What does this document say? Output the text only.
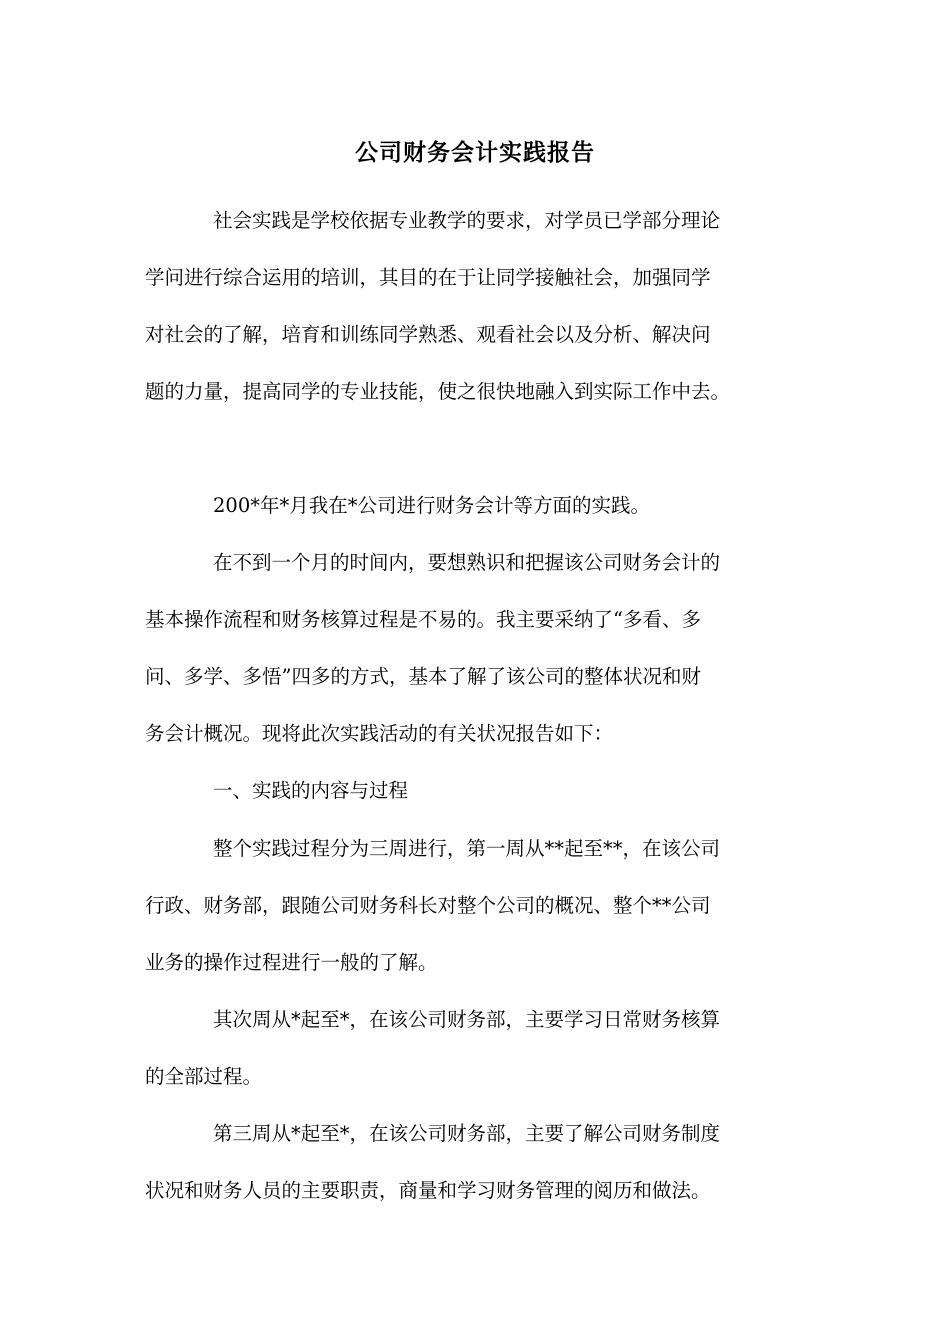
公司财务会计实践报告
社会实践是学校依据专业教学的要求，对学员已学部分理论
学问进行综合运用的培训，其目的在于让同学接触社会，加强同学
对社会的了解，培育和训练同学熟悉、观看社会以及分析、解决问
题的力量，提高同学的专业技能，使之很快地融入到实际工作中去。
200*年*月我在*公司进行财务会计等方面的实践。
在不到一个月的时间内，要想熟识和把握该公司财务会计的
基本操作流程和财务核算过程是不易的。我主要采纳了“多看、多
问、多学、多悟”四多的方式，基本了解了该公司的整体状况和财
务会计概况。现将此次实践活动的有关状况报告如下：
一、实践的内容与过程
整个实践过程分为三周进行，第一周从**起至**，在该公司
行政、财务部，跟随公司财务科长对整个公司的概况、整个**公司
业务的操作过程进行一般的了解。
其次周从*起至*，在该公司财务部，主要学习日常财务核算
的全部过程。
第三周从*起至*，在该公司财务部，主要了解公司财务制度
状况和财务人员的主要职责，商量和学习财务管理的阅历和做法。
